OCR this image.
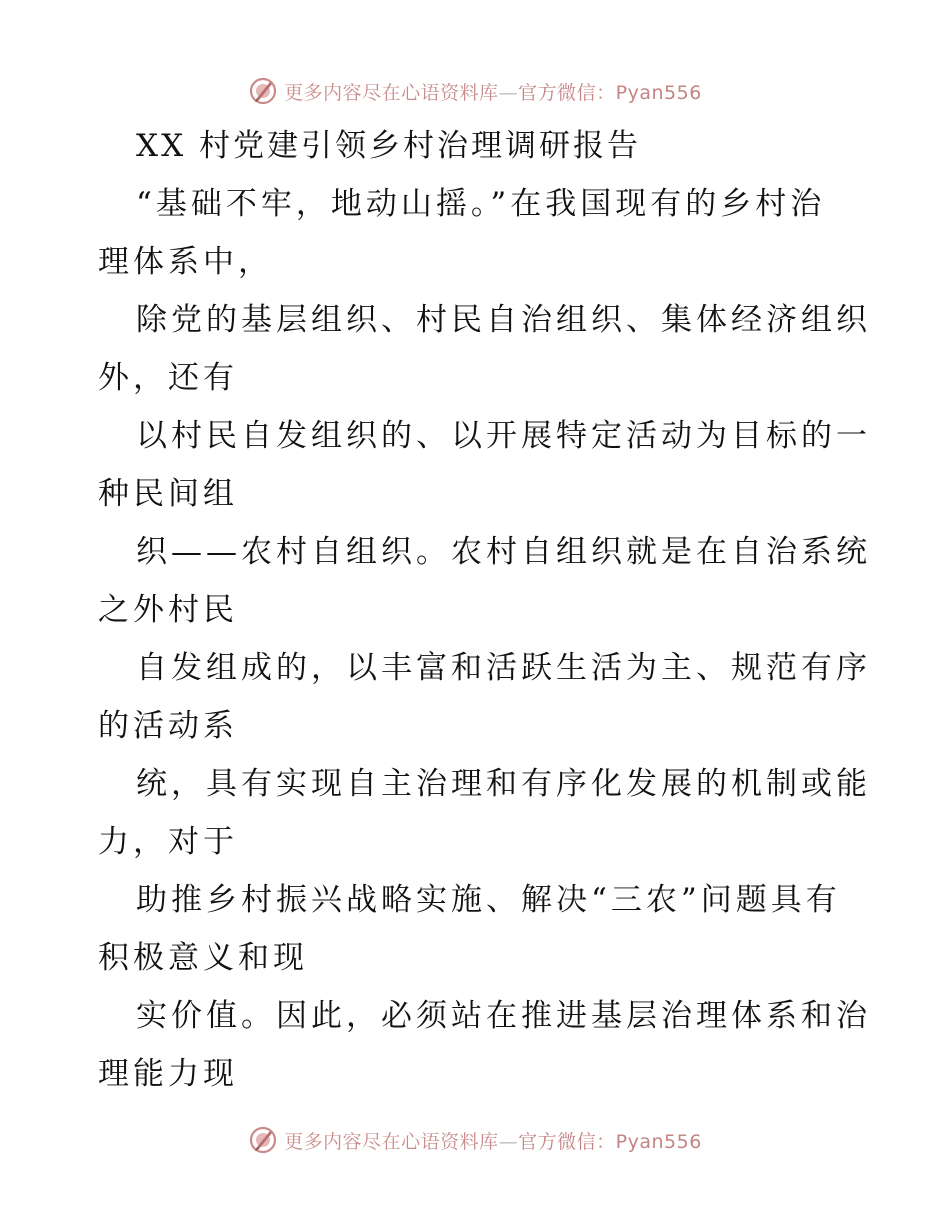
更多内容尽在心语资料库—官方微信：Pyan556
XX 村党建引领乡村治理调研报告
“基础不牢，地动山摇。”在我国现有的乡村治
理体系中，
除党的基层组织、村民自治组织、集体经济组织
外，还有
以村民自发组织的、以开展特定活动为目标的一
种民间组
织——农村自组织。农村自组织就是在自治系统
之外村民
自发组成的，以丰富和活跃生活为主、规范有序
的活动系
统，具有实现自主治理和有序化发展的机制或能
力，对于
助推乡村振兴战略实施、解决“三农”问题具有
积极意义和现
实价值。因此，必须站在推进基层治理体系和治
理能力现
更多内容尽在心语资料库—官方微信：Pyan556
